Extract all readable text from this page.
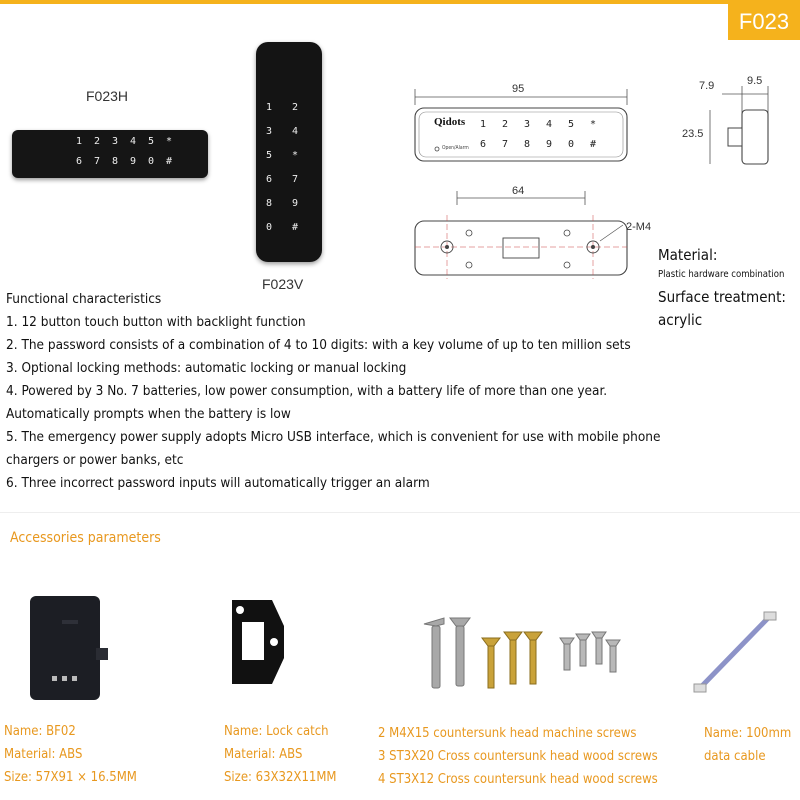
F023
F023H
1 2 3 4 5 *
6 7 8 9 0 #
1 2
3 4
5 *
6 7
8 9
0 #
F023V
95
64
2-M4
Qidots
Open/Alarm
1 2 3 4 5 *
6 7 8 9 0 #
7.9	9.5
23.5
Material:
Plastic hardware combination
Surface treatment:
acrylic
Functional characteristics
1. 12 button touch button with backlight function
2. The password consists of a combination of 4 to 10 digits: with a key volume of up to ten million sets
3. Optional locking methods: automatic locking or manual locking
4. Powered by 3 No. 7 batteries, low power consumption, with a battery life of more than one year.
Automatically prompts when the battery is low
5. The emergency power supply adopts Micro USB interface, which is convenient for use with mobile phone
chargers or power banks, etc
6. Three incorrect password inputs will automatically trigger an alarm
Accessories parameters
Name: BF02
Material: ABS
Size: 57X91 × 16.5MM
Name: Lock catch
Material: ABS
Size: 63X32X11MM
2 M4X15 countersunk head machine screws
3 ST3X20 Cross countersunk head wood screws
4 ST3X12 Cross countersunk head wood screws
Name: 100mm
data cable
